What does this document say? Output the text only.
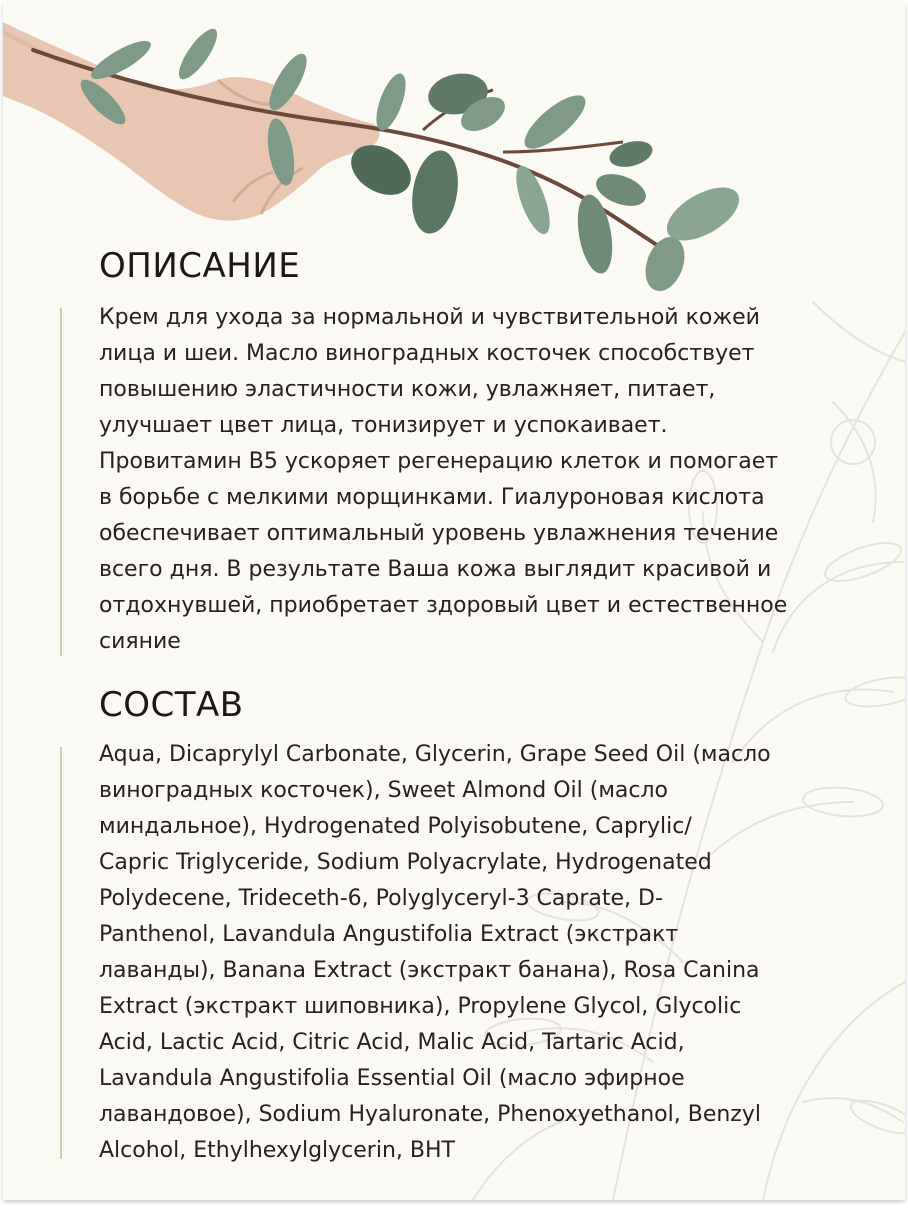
ОПИСАНИЕ
Крем для ухода за нормальной и чувствительной кожей
лица и шеи. Масло виноградных косточек способствует
повышению эластичности кожи, увлажняет, питает,
улучшает цвет лица, тонизирует и успокаивает.
Провитамин В5 ускоряет регенерацию клеток и помогает
в борьбе с мелкими морщинками. Гиалуроновая кислота
обеспечивает оптимальный уровень увлажнения течение
всего дня. В результате Ваша кожа выглядит красивой и
отдохнувшей, приобретает здоровый цвет и естественное
сияние
СОСТАВ
Aqua, Dicaprylyl Carbonate, Glycerin, Grape Seed Oil (масло
виноградных косточек), Sweet Almond Oil (масло
миндальное), Hydrogenated Polyisobutene, Caprylic/
Capric Triglyceride, Sodium Polyacrylate, Hydrogenated
Polydecene, Trideceth-6, Polyglyceryl-3 Caprate, D-
Panthenol, Lavandula Angustifolia Extract (экстракт
лаванды), Banana Extract (экстракт банана), Rosa Canina
Extract (экстракт шиповника), Propylene Glycol, Glycolic
Acid, Lactic Acid, Citric Acid, Malic Acid, Tartaric Acid,
Lavandula Angustifolia Essential Oil (масло эфирное
лавандовое), Sodium Hyaluronate, Phenoxyethanol, Benzyl
Alcohol, Ethylhexylglycerin, BHT
